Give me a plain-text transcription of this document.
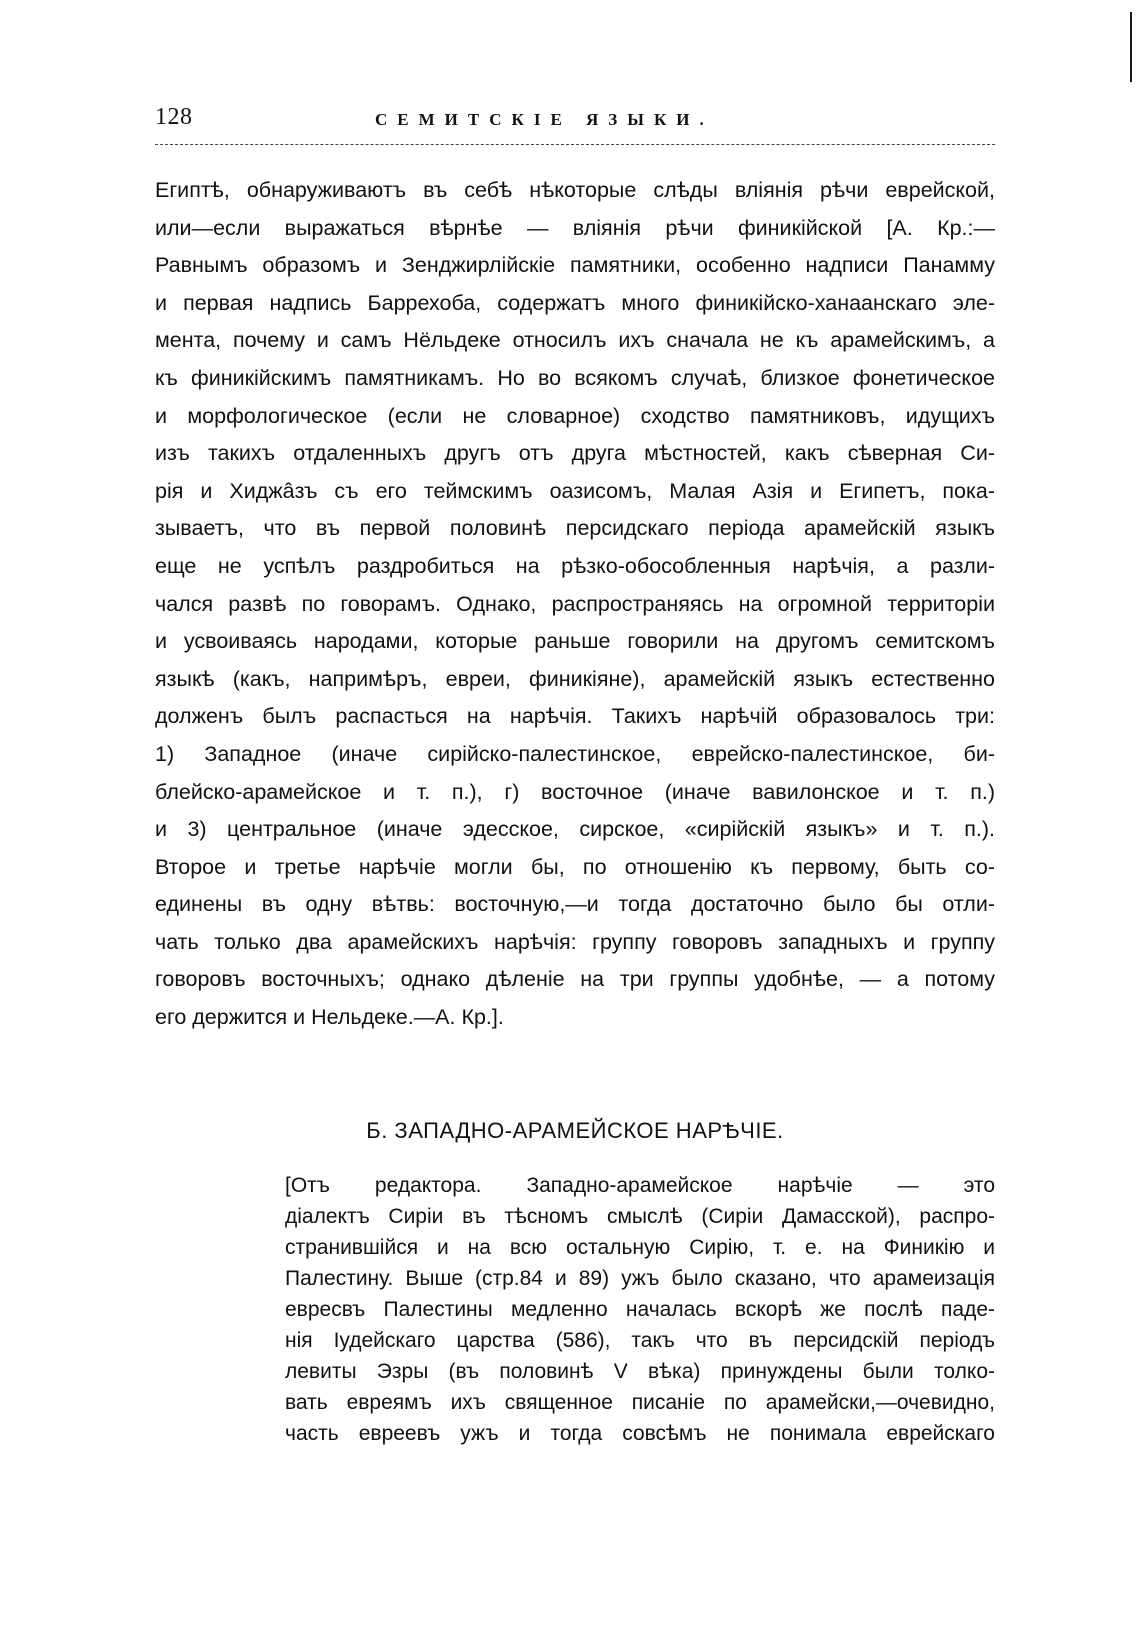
128	СЕМИТСКІЕ ЯЗЫКИ.
Египтѣ, обнаруживаютъ въ себѣ нѣкоторые слѣды вліянія рѣчи еврейской,
или—если выражаться вѣрнѣе — вліянія рѣчи финикійской [А. Кр.:—
Равнымъ образомъ и Зенджирлійскіе памятники, особенно надписи Панамму
и первая надпись Баррехоба, содержатъ много финикійско-ханаанскаго эле-
мента, почему и самъ Нёльдеке относилъ ихъ сначала не къ арамейскимъ, а
къ финикійскимъ памятникамъ. Но во всякомъ случаѣ, близкое фонетическое
и морфологическое (если не словарное) сходство памятниковъ, идущихъ
изъ такихъ отдаленныхъ другъ отъ друга мѣстностей, какъ сѣверная Си-
рія и Хиджâзъ съ его теймскимъ оазисомъ, Малая Азія и Египетъ, пока-
зываетъ, что въ первой половинѣ персидскаго періода арамейскій языкъ
еще не успѣлъ раздробиться на рѣзко-обособленныя нарѣчія, а разли-
чался развѣ по говорамъ. Однако, распространяясь на огромной территоріи
и усвоиваясь народами, которые раньше говорили на другомъ семитскомъ
языкѣ (какъ, напримѣръ, евреи, финикіяне), арамейскій языкъ естественно
долженъ былъ распасться на нарѣчія. Такихъ нарѣчій образовалось три:
1) Западное (иначе сирійско-палестинское, еврейско-палестинское, би-
блейско-арамейское и т. п.), г) восточное (иначе вавилонское и т. п.)
и 3) центральное (иначе эдесское, сирское, «сирійскій языкъ» и т. п.).
Второе и третье нарѣчіе могли бы, по отношенію къ первому, быть со-
единены въ одну вѣтвь: восточную,—и тогда достаточно было бы отли-
чать только два арамейскихъ нарѣчія: группу говоровъ западныхъ и группу
говоровъ восточныхъ; однако дѣленіе на три группы удобнѣе, — а потому
его держится и Нельдеке.—А. Кр.].
Б. ЗАПАДНО-АРАМЕЙСКОЕ НАРѢЧІЕ.
[Отъ редактора. Западно-арамейское нарѣчіе — это
діалектъ Сиріи въ тѣсномъ смыслѣ (Сиріи Дамасской), распро-
странившійся и на всю остальную Сирію, т. е. на Финикію и
Палестину. Выше (стр.84 и 89) ужъ было сказано, что арамеизація
евресвъ Палестины медленно началась вскорѣ же послѣ паде-
нія Іудейскаго царства (586), такъ что въ персидскій періодъ
левиты Эзры (въ половинѣ V вѣка) принуждены были толко-
вать евреямъ ихъ священное писаніе по арамейски,—очевидно,
часть евреевъ ужъ и тогда совсѣмъ не понимала еврейскаго
